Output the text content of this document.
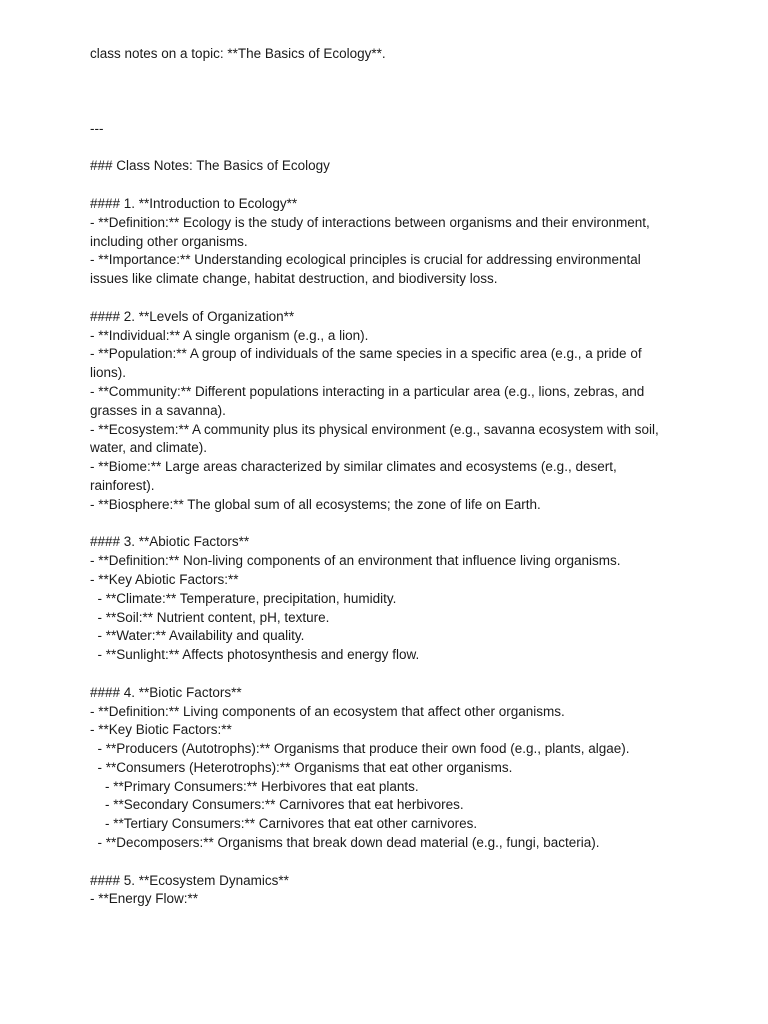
class notes on a topic: **The Basics of Ecology**.
---
### Class Notes: The Basics of Ecology
#### 1. **Introduction to Ecology**
- **Definition:** Ecology is the study of interactions between organisms and their environment,
including other organisms.
- **Importance:** Understanding ecological principles is crucial for addressing environmental
issues like climate change, habitat destruction, and biodiversity loss.
#### 2. **Levels of Organization**
- **Individual:** A single organism (e.g., a lion).
- **Population:** A group of individuals of the same species in a specific area (e.g., a pride of
lions).
- **Community:** Different populations interacting in a particular area (e.g., lions, zebras, and
grasses in a savanna).
- **Ecosystem:** A community plus its physical environment (e.g., savanna ecosystem with soil,
water, and climate).
- **Biome:** Large areas characterized by similar climates and ecosystems (e.g., desert,
rainforest).
- **Biosphere:** The global sum of all ecosystems; the zone of life on Earth.
#### 3. **Abiotic Factors**
- **Definition:** Non-living components of an environment that influence living organisms.
- **Key Abiotic Factors:**
- **Climate:** Temperature, precipitation, humidity.
- **Soil:** Nutrient content, pH, texture.
- **Water:** Availability and quality.
- **Sunlight:** Affects photosynthesis and energy flow.
#### 4. **Biotic Factors**
- **Definition:** Living components of an ecosystem that affect other organisms.
- **Key Biotic Factors:**
- **Producers (Autotrophs):** Organisms that produce their own food (e.g., plants, algae).
- **Consumers (Heterotrophs):** Organisms that eat other organisms.
- **Primary Consumers:** Herbivores that eat plants.
- **Secondary Consumers:** Carnivores that eat herbivores.
- **Tertiary Consumers:** Carnivores that eat other carnivores.
- **Decomposers:** Organisms that break down dead material (e.g., fungi, bacteria).
#### 5. **Ecosystem Dynamics**
- **Energy Flow:**
